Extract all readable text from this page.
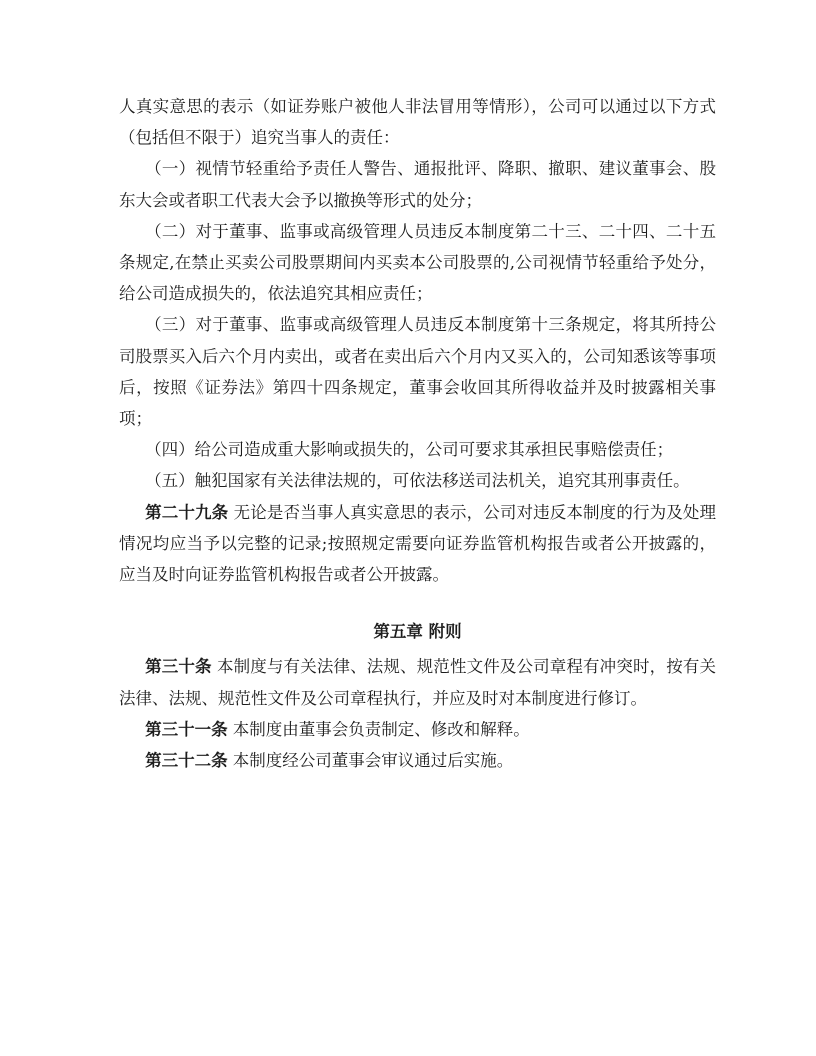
人真实意思的表示（如证券账户被他人非法冒用等情形），公司可以通过以下方式（包括但不限于）追究当事人的责任：

（一）视情节轻重给予责任人警告、通报批评、降职、撤职、建议董事会、股东大会或者职工代表大会予以撤换等形式的处分；

（二）对于董事、监事或高级管理人员违反本制度第二十三、二十四、二十五条规定,在禁止买卖公司股票期间内买卖本公司股票的,公司视情节轻重给予处分，给公司造成损失的，依法追究其相应责任；

（三）对于董事、监事或高级管理人员违反本制度第十三条规定，将其所持公司股票买入后六个月内卖出，或者在卖出后六个月内又买入的，公司知悉该等事项后，按照《证券法》第四十四条规定，董事会收回其所得收益并及时披露相关事项；

（四）给公司造成重大影响或损失的，公司可要求其承担民事赔偿责任；

（五）触犯国家有关法律法规的，可依法移送司法机关，追究其刑事责任。

第二十九条 无论是否当事人真实意思的表示，公司对违反本制度的行为及处理情况均应当予以完整的记录;按照规定需要向证券监管机构报告或者公开披露的，应当及时向证券监管机构报告或者公开披露。

第五章 附则

第三十条 本制度与有关法律、法规、规范性文件及公司章程有冲突时，按有关法律、法规、规范性文件及公司章程执行，并应及时对本制度进行修订。

第三十一条 本制度由董事会负责制定、修改和解释。

第三十二条 本制度经公司董事会审议通过后实施。
